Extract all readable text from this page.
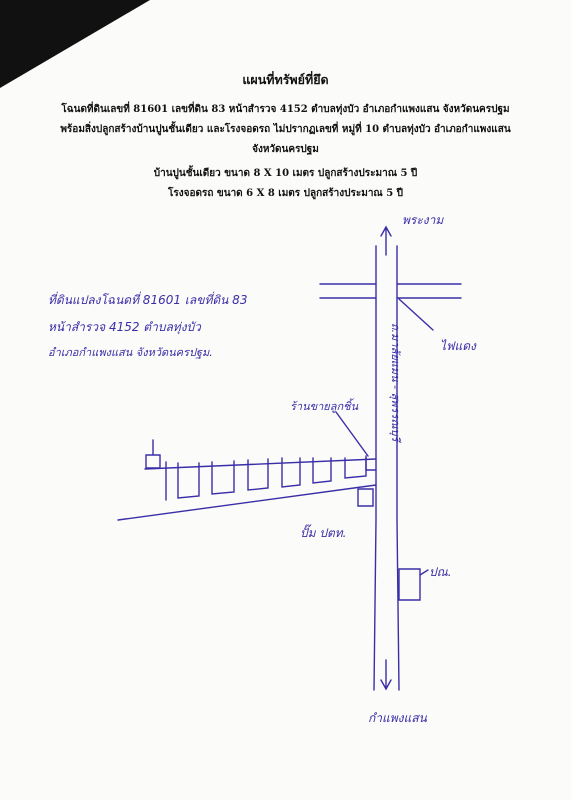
แผนที่ทรัพย์ที่ยึด
โฉนดที่ดินเลขที่ 81601 เลขที่ดิน 83 หน้าสำรวจ 4152 ตำบลทุ่งบัว อำเภอกำแพงแสน จังหวัดนครปฐม
พร้อมสิ่งปลูกสร้างบ้านปูนชั้นเดียว และโรงจอดรถ ไม่ปรากฏเลขที่ หมู่ที่ 10 ตำบลทุ่งบัว อำเภอกำแพงแสน
จังหวัดนครปฐม
บ้านปูนชั้นเดียว ขนาด 8 X 10 เมตร ปลูกสร้างประมาณ 5 ปี
โรงจอดรถ ขนาด 6 X 8 เมตร ปลูกสร้างประมาณ 5 ปี
ที่ดินแปลงโฉนดที่ 81601 เลขที่ดิน 83
หน้าสำรวจ 4152 ตำบลทุ่งบัว
อำเภอกำแพงแสน จังหวัดนครปฐม.
พระงาม
กำแพงแสน
ไฟแดง
ถ.มาลัยแมน - สุพรรณบุรี
ร้านขายลูกชิ้น
ปั๊ม ปตท.
ปณ.
